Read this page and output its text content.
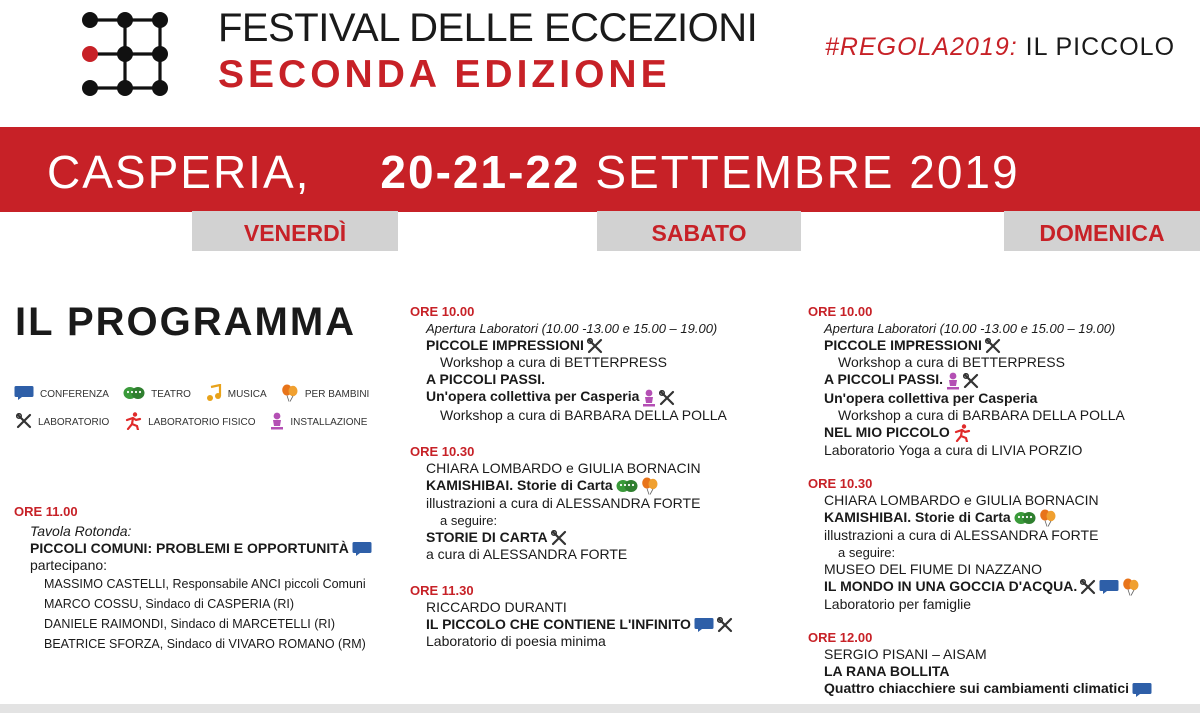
FESTIVAL DELLE ECCEZIONI
SECONDA EDIZIONE
#REGOLA2019: IL PICCOLO
CASPERIA, 20-21-22 SETTEMBRE 2019
VENERDÌ	SABATO	DOMENICA
IL PROGRAMMA
CONFERENZA	TEATRO	MUSICA	PER BAMBINI
LABORATORIO	LABORATORIO FISICO	INSTALLAZIONE
ORE 11.00
Tavola Rotonda:
PICCOLI COMUNI: PROBLEMI E OPPORTUNITÀ
partecipano:
MASSIMO CASTELLI, Responsabile ANCI piccoli Comuni
MARCO COSSU, Sindaco di CASPERIA (RI)
DANIELE RAIMONDI, Sindaco di MARCETELLI (RI)
BEATRICE SFORZA, Sindaco di VIVARO ROMANO (RM)
ORE 10.00
Apertura Laboratori (10.00 -13.00 e 15.00 – 19.00)
PICCOLE IMPRESSIONI
Workshop a cura di BETTERPRESS
A PICCOLI PASSI.
Un'opera collettiva per Casperia
Workshop a cura di BARBARA DELLA POLLA
ORE 10.30
CHIARA LOMBARDO e GIULIA BORNACIN
KAMISHIBAI. Storie di Carta
illustrazioni a cura di ALESSANDRA FORTE
a seguire:
STORIE DI CARTA
a cura di ALESSANDRA FORTE
ORE 11.30
RICCARDO DURANTI
IL PICCOLO CHE CONTIENE L'INFINITO
Laboratorio di poesia minima
ORE 10.00
Apertura Laboratori (10.00 -13.00 e 15.00 – 19.00)
PICCOLE IMPRESSIONI
Workshop a cura di BETTERPRESS
A PICCOLI PASSI.
Un'opera collettiva per Casperia
Workshop a cura di BARBARA DELLA POLLA
NEL MIO PICCOLO
Laboratorio Yoga a cura di LIVIA PORZIO
ORE 10.30
CHIARA LOMBARDO e GIULIA BORNACIN
KAMISHIBAI. Storie di Carta
illustrazioni a cura di ALESSANDRA FORTE
a seguire:
MUSEO DEL FIUME DI NAZZANO
IL MONDO IN UNA GOCCIA D'ACQUA.
Laboratorio per famiglie
ORE 12.00
SERGIO PISANI – AISAM
LA RANA BOLLITA
Quattro chiacchiere sui cambiamenti climatici
